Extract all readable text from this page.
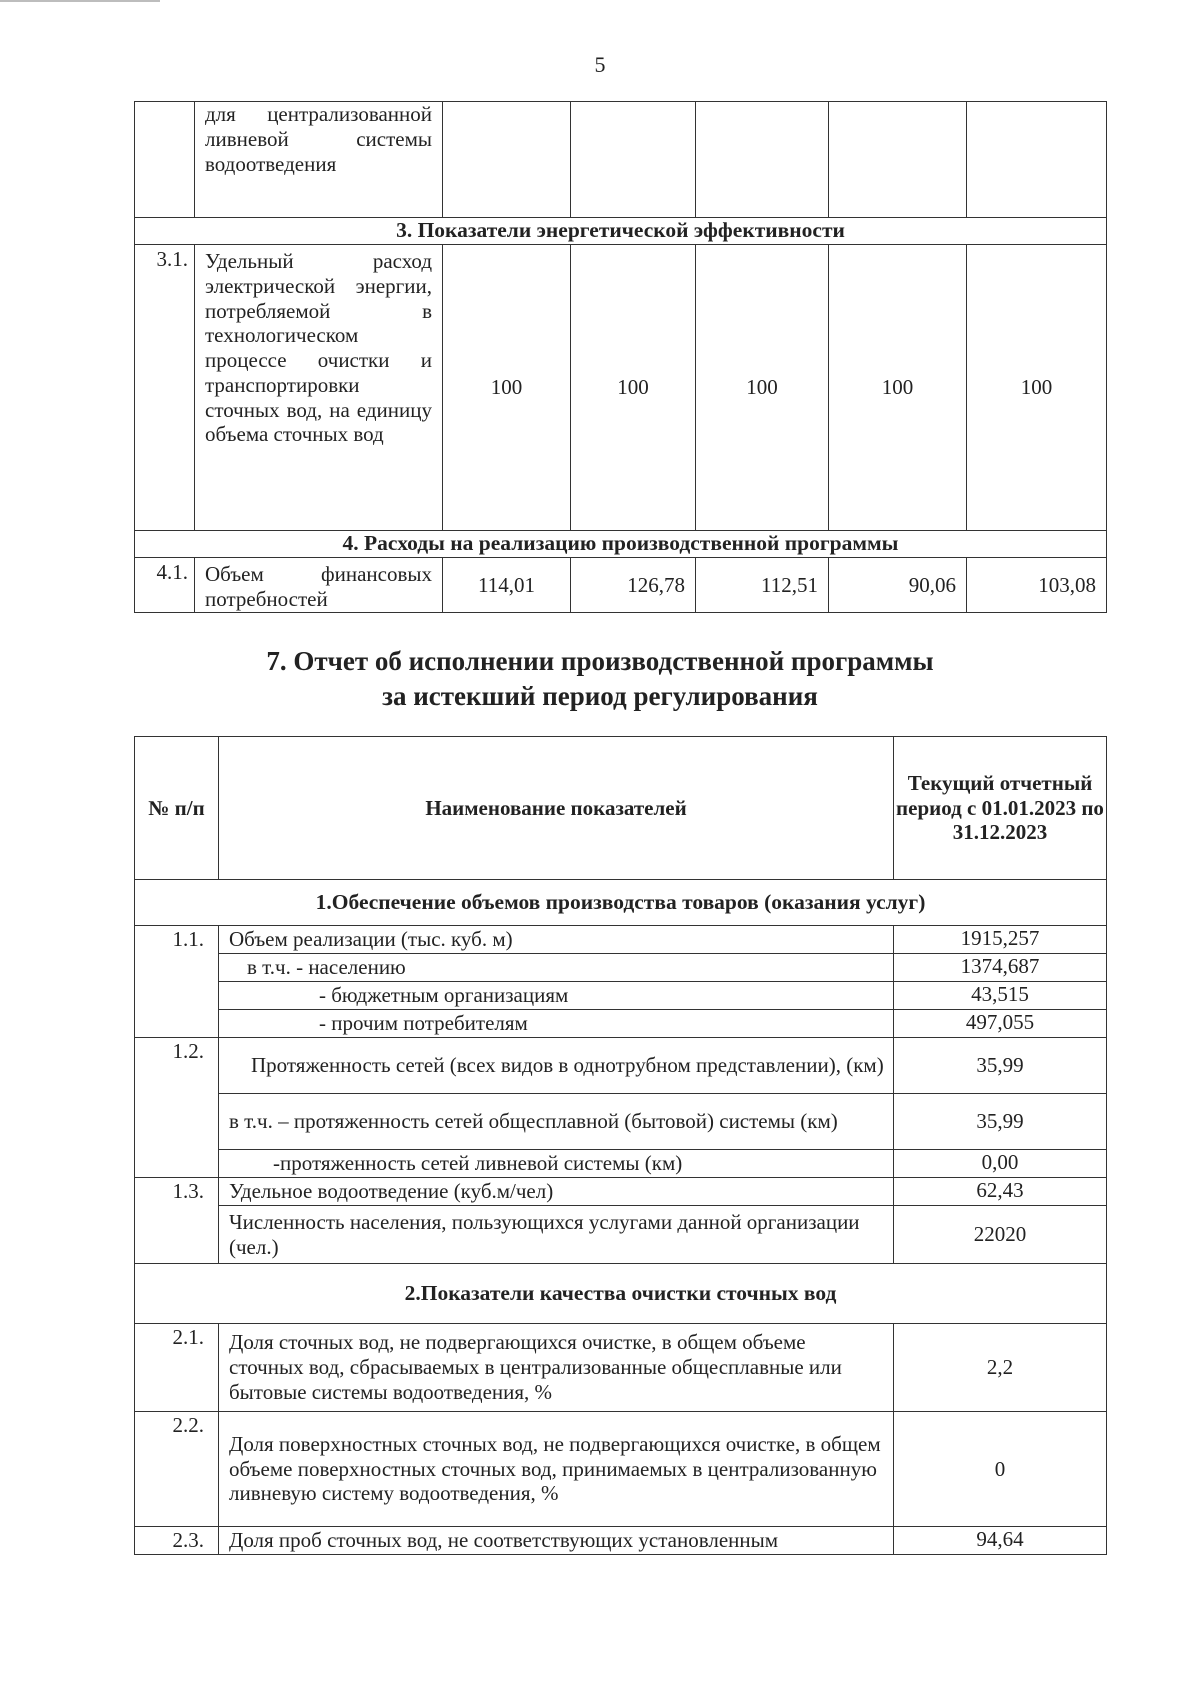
5
	для централизованной ливневой системы водоотведения					
3. Показатели энергетической эффективности						
3.1.	Удельный расход электрической энергии, потребляемой в технологическом процессе очистки и транспортировки сточных вод, на единицу объема сточных вод	100	100	100	100	100
4. Расходы на реализацию производственной программы						
4.1.	Объем финансовых потребностей	114,01	126,78	112,51	90,06	103,08
7. Отчет об исполнении производственной программы
за истекший период регулирования
№ п/п	Наименование показателей	Текущий отчетный период с 01.01.2023 по 31.12.2023
1.Обеспечение объемов производства товаров (оказания услуг)		
1.1.	Объем реализации (тыс. куб. м)	1915,257
	в т.ч. - населению	1374,687
	- бюджетным организациям	43,515
	- прочим потребителям	497,055
1.2.	Протяженность сетей (всех видов в однотрубном представлении), (км)	35,99
	в т.ч. – протяженность сетей общесплавной (бытовой) системы (км)	35,99
	-протяженность сетей ливневой системы (км)	0,00
1.3.	Удельное водоотведение (куб.м/чел)	62,43
	Численность населения, пользующихся услугами данной организации (чел.)	22020
2.Показатели качества очистки сточных вод		
2.1.	Доля сточных вод, не подвергающихся очистке, в общем объеме сточных вод, сбрасываемых в централизованные общесплавные или бытовые системы водоотведения, %	2,2
2.2.	Доля поверхностных сточных вод, не подвергающихся очистке, в общем объеме поверхностных сточных вод, принимаемых в централизованную ливневую систему водоотведения, %	0
2.3.	Доля проб сточных вод, не соответствующих установленным	94,64
